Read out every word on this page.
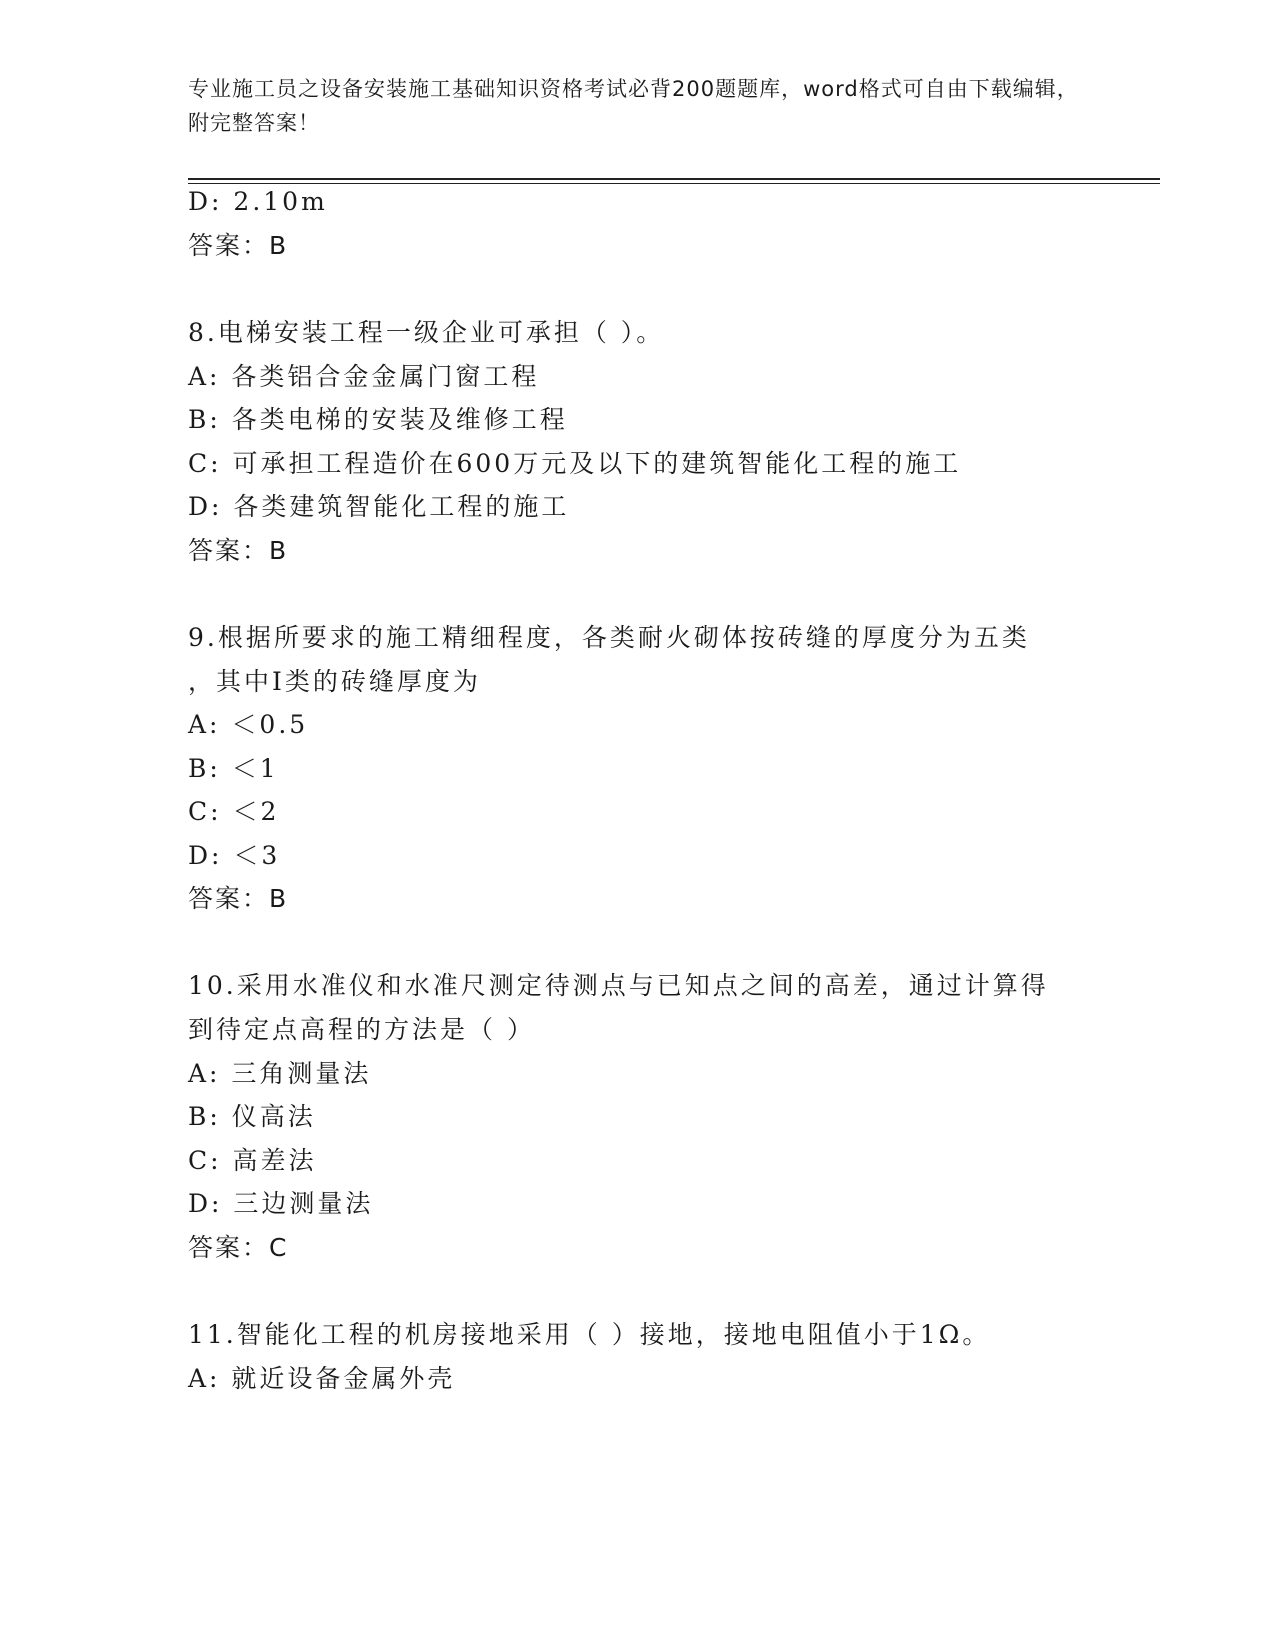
专业施工员之设备安装施工基础知识资格考试必背200题题库，word格式可自由下载编辑，附完整答案！
D: 2.10m
答案：B
8.电梯安装工程一级企业可承担（ ）。
A: 各类铝合金金属门窗工程
B: 各类电梯的安装及维修工程
C: 可承担工程造价在600万元及以下的建筑智能化工程的施工
D: 各类建筑智能化工程的施工
答案：B
9.根据所要求的施工精细程度，各类耐火砌体按砖缝的厚度分为五类
，其中Ⅰ类的砖缝厚度为
A: ＜0.5
B: ＜1
C: ＜2
D: ＜3
答案：B
10.采用水准仪和水准尺测定待测点与已知点之间的高差，通过计算得
到待定点高程的方法是（ ）
A: 三角测量法
B: 仪高法
C: 高差法
D: 三边测量法
答案：C
11.智能化工程的机房接地采用（ ）接地，接地电阻值小于1Ω。
A: 就近设备金属外壳
